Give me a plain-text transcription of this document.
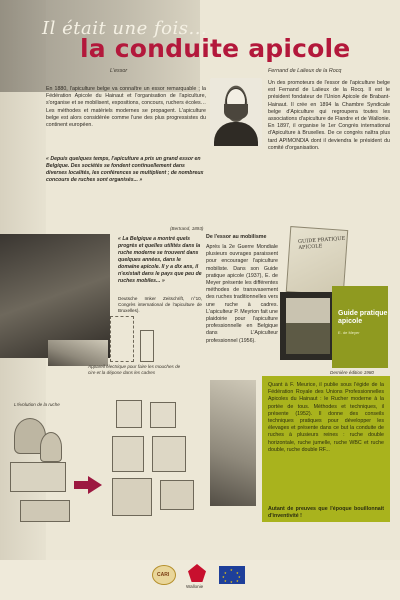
Il était une fois...
la conduite apicole
L'essor
En 1880, l'apiculture belge va connaître un essor remarquable ; la Fédération Apicole du Hainaut et l'organisation de l'apiculture, s'organise et se mobilisent, expositions, concours, ruchers écoles… Les méthodes et matériels modernes se propagent. L'apiculture belge est alors considérée comme l'une des plus progressistes du continent européen.
« Depuis quelques temps, l'apiculture a pris un grand essor en Belgique. Des sociétés se fondent continuellement dans diverses localités, les conférences se multiplient ; de nombreux concours de ruches sont organisés... »
(Bertrand, 1893)
« La Belgique a montré quels progrès et quelles utilités dans la ruche moderne se trouvent dans quelques années, dans le domaine apicole. Il y a dix ans, il n'existait dans le pays que peu de ruches mobiles... »
Deutsche Imker Zeitschrift, n°10, Congrès international de l'apiculture de Bruxelles).
Appareil électrique pour faire les mouches de cire et la dépose dans les cadres
L'évolution de la ruche
Fernand de Lalieux de la Rocq
Un des promoteurs de l'essor de l'apiculture belge est Fernand de Lalieux de la Rocq. Il est le président fondateur de l'Union Apicole de Brabant-Hainaut. Il crée en 1894 la Chambre Syndicale belge d'Apiculture qui regroupera toutes les associations d'apiculture de Flandre et de Wallonie. En 1897, il organise le 1er Congrès international d'Apiculture à Bruxelles. De ce congrès naîtra plus tard APIMONDIA dont il deviendra le président du comité d'organisation.
De l'essor au mobilisme
Après la 2e Guerre Mondiale plusieurs ouvrages paraissent pour encourager l'apiculture mobiliste. Dans son Guide pratique apicole (1937), E. de Meyer présente les différentes méthodes de transvasement des ruches traditionnelles vers une ruche à cadres. L'apiculteur P. Meyrion fait une plaidoirie pour l'apiculture professionnelle en Belgique dans L'Apiculteur professionnel (1956).
GUIDE PRATIQUE APICOLE
Guide pratique apicole
E. de Meyer
Dernière édition 1980
Quant à F. Meurice, il publie sous l'égide de la Fédération Royale des Unions Professionnelles Apicoles du Hainaut : le Rucher moderne à la portée de tous. Méthodes et techniques, il présente (1952). Il donne des conseils techniques pratiques pour développer les élevages et présente dans ce but la conduite de ruches à plusieurs reines : ruche double horizontale, ruche jumelle, ruche WBC et ruche double, ruche double RF...
Autant de preuves que l'époque bouillonnait d'inventivité !
CARI
Wallonie
★
★
★
★
★
★
★
★
